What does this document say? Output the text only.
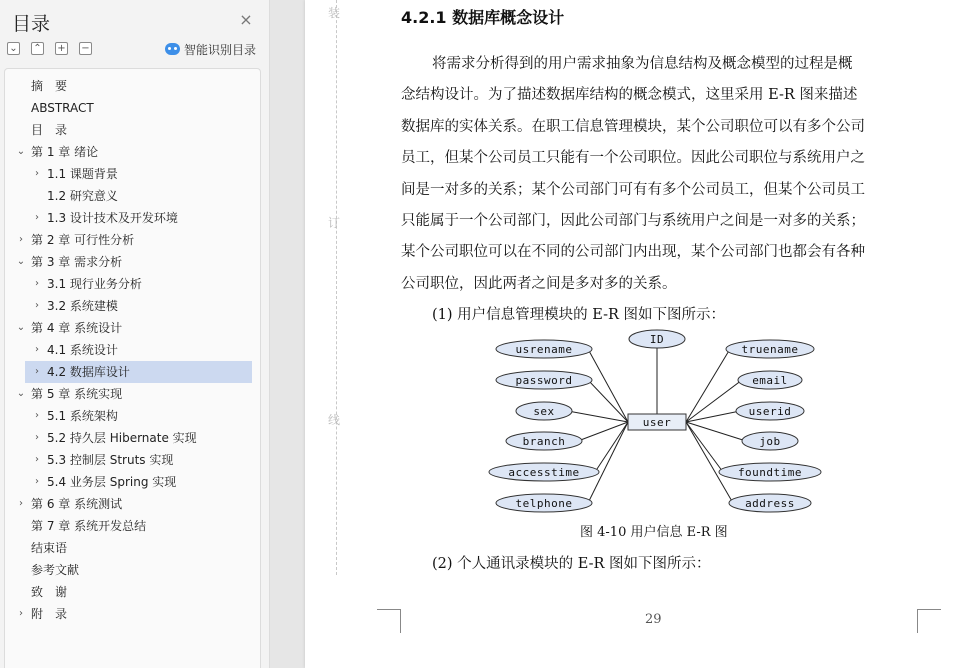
目录	×
⌄ ⌃ + −	智能识别目录
摘　要
ABSTRACT
目　录
⌄ 第 1 章 绪论
› 1.1 课题背景
1.2 研究意义
› 1.3 设计技术及开发环境
› 第 2 章 可行性分析
⌄ 第 3 章 需求分析
› 3.1 现行业务分析
› 3.2 系统建模
⌄ 第 4 章 系统设计
› 4.1 系统设计
› 4.2 数据库设计
⌄ 第 5 章 系统实现
› 5.1 系统架构
› 5.2 持久层 Hibernate 实现
› 5.3 控制层 Struts 实现
› 5.4 业务层 Spring 实现
› 第 6 章 系统测试
第 7 章 系统开发总结
结束语
参考文献
致　谢
› 附　录
装
订
线
4.2.1 数据库概念设计
将需求分析得到的用户需求抽象为信息结构及概念模型的过程是概
念结构设计。为了描述数据库结构的概念模式，这里采用 E-R 图来描述
数据库的实体关系。在职工信息管理模块，某个公司职位可以有多个公司
员工，但某个公司员工只能有一个公司职位。因此公司职位与系统用户之
间是一对多的关系；某个公司部门可有有多个公司员工，但某个公司员工
只能属于一个公司部门，因此公司部门与系统用户之间是一对多的关系；
某个公司职位可以在不同的公司部门内出现，某个公司部门也都会有各种
公司职位，因此两者之间是多对多的关系。
(1) 用户信息管理模块的 E-R 图如下图所示：
ID
usrename
password
sex
branch
accesstime
telphone
truename
email
userid
job
foundtime
address
user
图 4-10 用户信息 E-R 图
(2) 个人通讯录模块的 E-R 图如下图所示：
29
